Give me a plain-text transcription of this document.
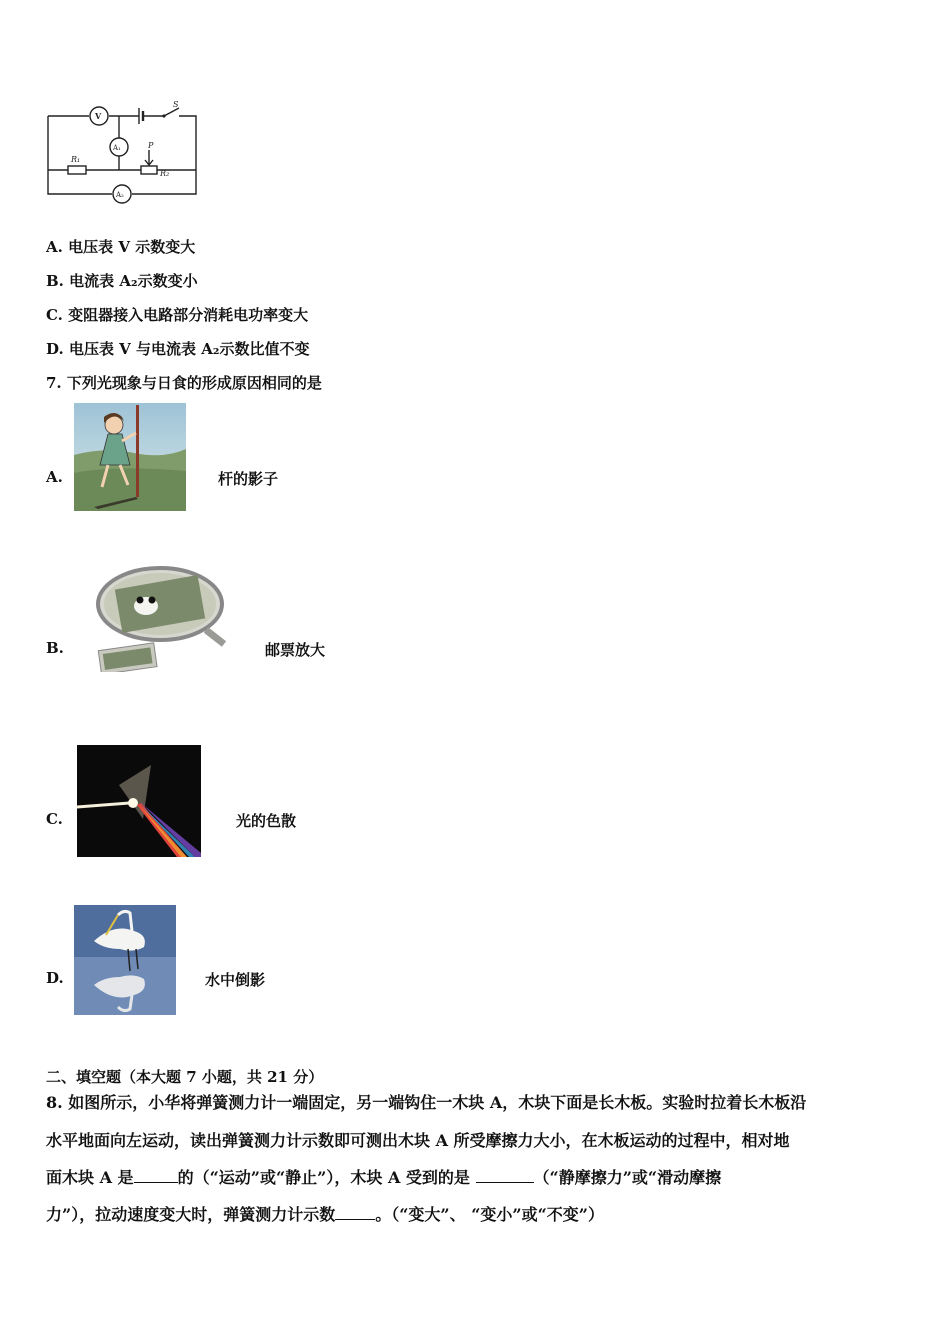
V
A₁
A₂
S
P
R₁
R₂
A. 电压表 V 示数变大
B. 电流表 A₂示数变小
C. 变阻器接入电路部分消耗电功率变大
D. 电压表 V 与电流表 A₂示数比值不变
7. 下列光现象与日食的形成原因相同的是
A.	杆的影子
B.	邮票放大
C.	光的色散
D.	水中倒影
二、填空题（本大题 7 小题，共 21 分）
8. 如图所示，小华将弹簧测力计一端固定，另一端钩住一木块 A，木块下面是长木板。实验时拉着长木板沿
水平地面向左运动，读出弹簧测力计示数即可测出木块 A 所受摩擦力大小，在木板运动的过程中，相对地
面木块 A 是	的（“运动”或“静止”），木块 A 受到的是	（“静摩擦力”或“滑动摩擦
力”），拉动速度变大时，弹簧测力计示数	。（“变大”、 “变小”或“不变”）
